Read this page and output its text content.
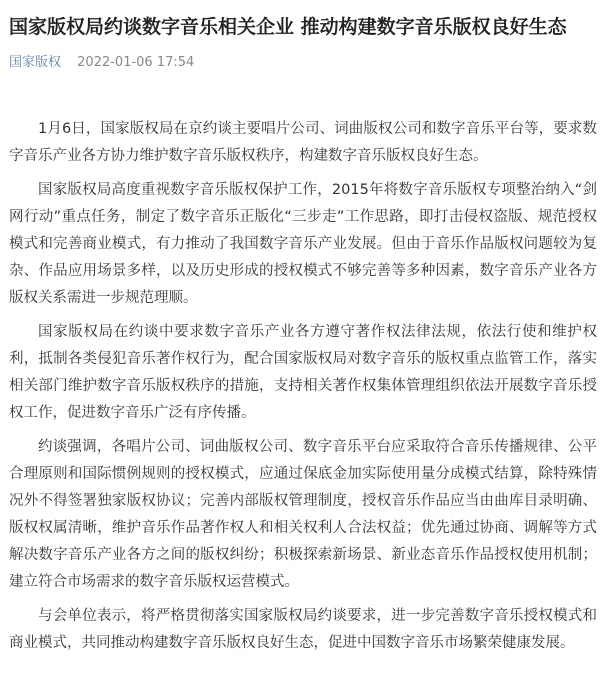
国家版权局约谈数字音乐相关企业 推动构建数字音乐版权良好生态
国家版权 2022-01-06 17:54

1月6日，国家版权局在京约谈主要唱片公司、词曲版权公司和数字音乐平台等，要求数字音乐产业各方协力维护数字音乐版权秩序，构建数字音乐版权良好生态。

国家版权局高度重视数字音乐版权保护工作，2015年将数字音乐版权专项整治纳入“剑网行动”重点任务，制定了数字音乐正版化“三步走”工作思路，即打击侵权盗版、规范授权模式和完善商业模式，有力推动了我国数字音乐产业发展。但由于音乐作品版权问题较为复杂、作品应用场景多样，以及历史形成的授权模式不够完善等多种因素，数字音乐产业各方版权关系需进一步规范理顺。

国家版权局在约谈中要求数字音乐产业各方遵守著作权法律法规，依法行使和维护权利，抵制各类侵犯音乐著作权行为，配合国家版权局对数字音乐的版权重点监管工作，落实相关部门维护数字音乐版权秩序的措施，支持相关著作权集体管理组织依法开展数字音乐授权工作，促进数字音乐广泛有序传播。

约谈强调，各唱片公司、词曲版权公司、数字音乐平台应采取符合音乐传播规律、公平合理原则和国际惯例规则的授权模式，应通过保底金加实际使用量分成模式结算，除特殊情况外不得签署独家版权协议；完善内部版权管理制度，授权音乐作品应当由曲库目录明确、版权权属清晰，维护音乐作品著作权人和相关权利人合法权益；优先通过协商、调解等方式解决数字音乐产业各方之间的版权纠纷；积极探索新场景、新业态音乐作品授权使用机制；建立符合市场需求的数字音乐版权运营模式。

与会单位表示，将严格贯彻落实国家版权局约谈要求，进一步完善数字音乐授权模式和商业模式，共同推动构建数字音乐版权良好生态，促进中国数字音乐市场繁荣健康发展。
